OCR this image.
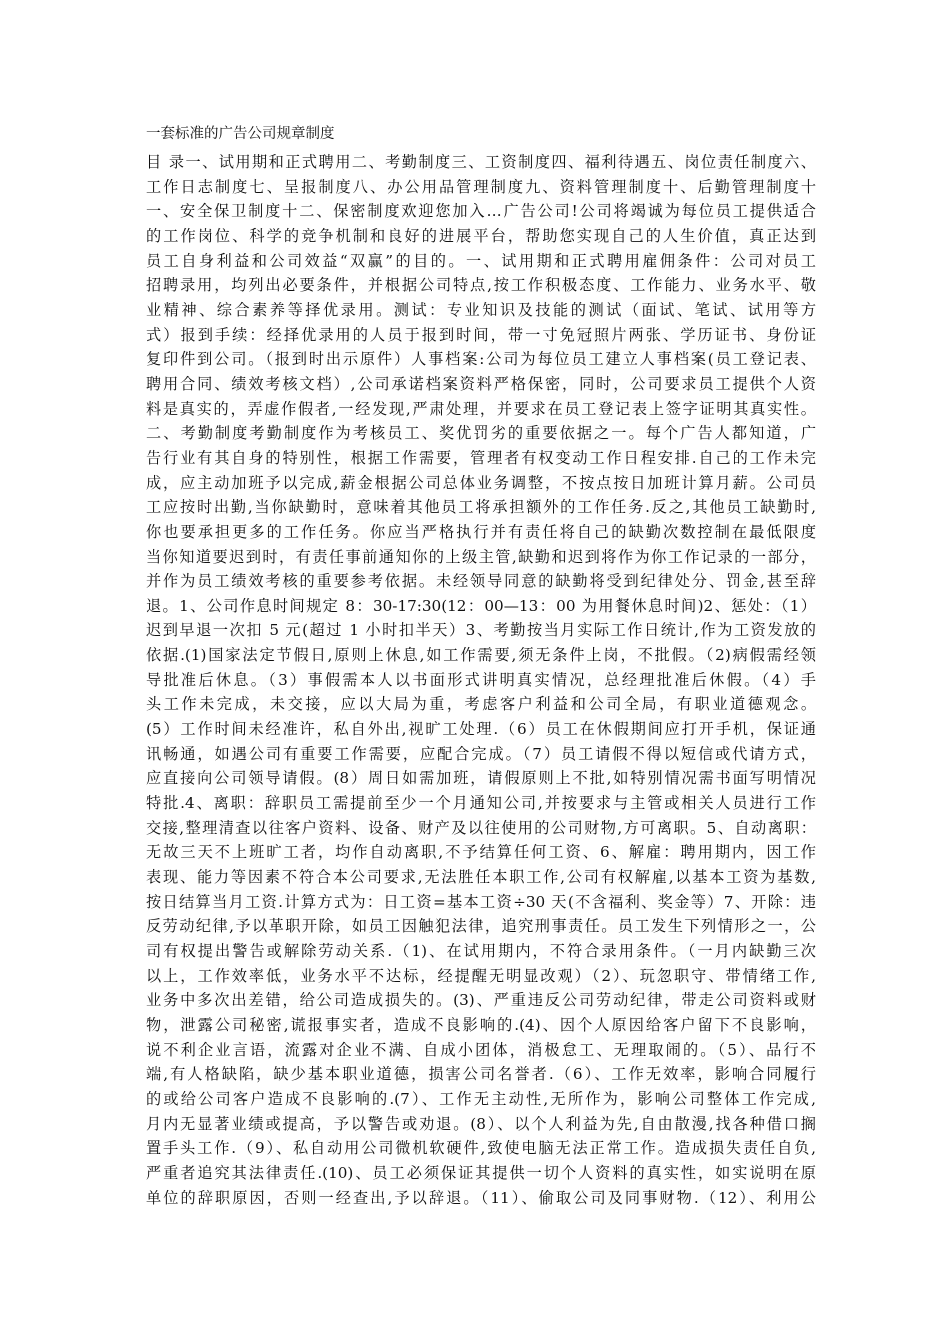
一套标准的广告公司规章制度
目 录一、试用期和正式聘用二、考勤制度三、工资制度四、福利待遇五、岗位责任制度六、
工作日志制度七、呈报制度八、办公用品管理制度九、资料管理制度十、后勤管理制度十
一、安全保卫制度十二、保密制度欢迎您加入…广告公司!公司将竭诚为每位员工提供适合
的工作岗位、科学的竞争机制和良好的进展平台，帮助您实现自己的人生价值，真正达到
员工自身利益和公司效益“双赢”的目的。一、试用期和正式聘用雇佣条件：公司对员工
招聘录用，均列出必要条件，并根据公司特点,按工作积极态度、工作能力、业务水平、敬
业精神、综合素养等择优录用。测试：专业知识及技能的测试（面试、笔试、试用等方
式）报到手续：经择优录用的人员于报到时间，带一寸免冠照片两张、学历证书、身份证
复印件到公司。（报到时出示原件）人事档案:公司为每位员工建立人事档案(员工登记表、
聘用合同、绩效考核文档）,公司承诺档案资料严格保密，同时，公司要求员工提供个人资
料是真实的，弄虚作假者,一经发现,严肃处理，并要求在员工登记表上签字证明其真实性。
二、考勤制度考勤制度作为考核员工、奖优罚劣的重要依据之一。每个广告人都知道，广
告行业有其自身的特别性，根据工作需要，管理者有权变动工作日程安排.自己的工作未完
成，应主动加班予以完成,薪金根据公司总体业务调整，不按点按日加班计算月薪。公司员
工应按时出勤,当你缺勤时，意味着其他员工将承担额外的工作任务.反之,其他员工缺勤时,
你也要承担更多的工作任务。你应当严格执行并有责任将自己的缺勤次数控制在最低限度
当你知道要迟到时，有责任事前通知你的上级主管,缺勤和迟到将作为你工作记录的一部分，
并作为员工绩效考核的重要参考依据。未经领导同意的缺勤将受到纪律处分、罚金,甚至辞
退。1、公司作息时间规定 8：30-17:30(12：00—13：00 为用餐休息时间)2、惩处：（1）
迟到早退一次扣 5 元(超过 1 小时扣半天）3、考勤按当月实际工作日统计,作为工资发放的
依据.(1)国家法定节假日,原则上休息,如工作需要,须无条件上岗，不批假。（2)病假需经领
导批准后休息。（3）事假需本人以书面形式讲明真实情况，总经理批准后休假。（4）手
头工作未完成，未交接，应以大局为重，考虑客户利益和公司全局，有职业道德观念。
(5）工作时间未经准许，私自外出,视旷工处理.（6）员工在休假期间应打开手机，保证通
讯畅通，如遇公司有重要工作需要，应配合完成。（7）员工请假不得以短信或代请方式，
应直接向公司领导请假。(8）周日如需加班，请假原则上不批,如特别情况需书面写明情况
特批.4、离职：辞职员工需提前至少一个月通知公司,并按要求与主管或相关人员进行工作
交接,整理清查以往客户资料、设备、财产及以往使用的公司财物,方可离职。5、自动离职：
无故三天不上班旷工者，均作自动离职,不予结算任何工资、6、解雇：聘用期内，因工作
表现、能力等因素不符合本公司要求,无法胜任本职工作,公司有权解雇,以基本工资为基数,
按日结算当月工资.计算方式为：日工资=基本工资÷30 天(不含福利、奖金等）7、开除：违
反劳动纪律,予以革职开除，如员工因触犯法律，追究刑事责任。员工发生下列情形之一，公
司有权提出警告或解除劳动关系.（1)、在试用期内，不符合录用条件。（一月内缺勤三次
以上，工作效率低，业务水平不达标，经提醒无明显改观）（2）、玩忽职守、带情绪工作,
业务中多次出差错，给公司造成损失的。(3)、严重违反公司劳动纪律，带走公司资料或财
物，泄露公司秘密,谎报事实者，造成不良影响的.(4)、因个人原因给客户留下不良影响，
说不利企业言语，流露对企业不满、自成小团体，消极怠工、无理取闹的。（5）、品行不
端,有人格缺陷，缺少基本职业道德，损害公司名誉者.（6）、工作无效率，影响合同履行
的或给公司客户造成不良影响的.(7）、工作无主动性,无所作为，影响公司整体工作完成,
月内无显著业绩或提高，予以警告或劝退。(8）、以个人利益为先,自由散漫,找各种借口搁
置手头工作.（9）、私自动用公司微机软硬件,致使电脑无法正常工作。造成损失责任自负,
严重者追究其法律责任.(10)、员工必须保证其提供一切个人资料的真实性，如实说明在原
单位的辞职原因，否则一经查出,予以辞退。（11）、偷取公司及同事财物.（12）、利用公
